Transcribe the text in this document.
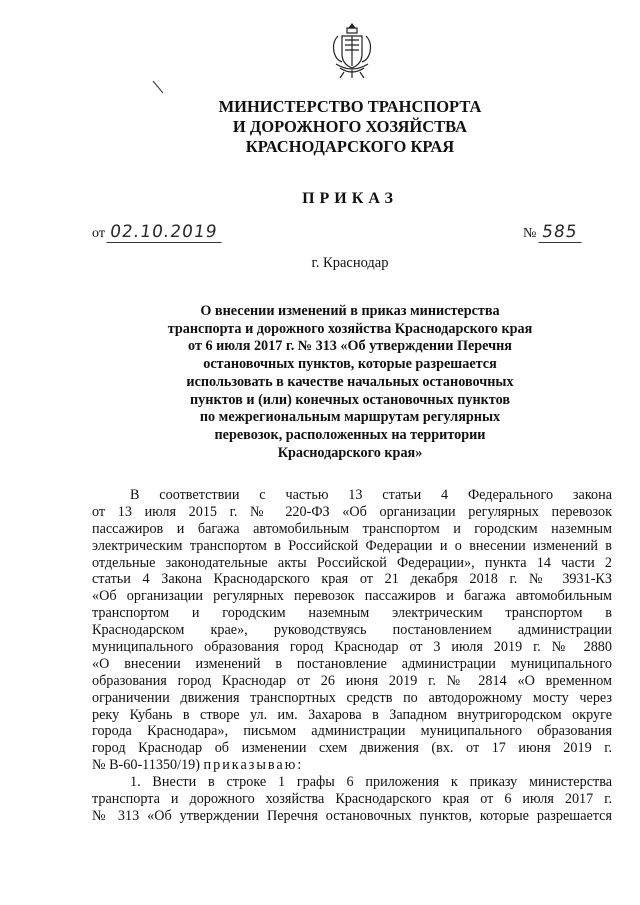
МИНИСТЕРСТВО ТРАНСПОРТА
И ДОРОЖНОГО ХОЗЯЙСТВА
КРАСНОДАРСКОГО КРАЯ
ПРИКАЗ
от 02.10.2019	№ 585
г. Краснодар
О внесении изменений в приказ министерства
транспорта и дорожного хозяйства Краснодарского края
от 6 июля 2017 г. № 313 «Об утверждении Перечня
остановочных пунктов, которые разрешается
использовать в качестве начальных остановочных
пунктов и (или) конечных остановочных пунктов
по межрегиональным маршрутам регулярных
перевозок, расположенных на территории
Краснодарского края»
В соответствии с частью 13 статьи 4 Федерального закона
от 13 июля 2015 г. № 220-ФЗ «Об организации регулярных перевозок
пассажиров и багажа автомобильным транспортом и городским наземным
электрическим транспортом в Российской Федерации и о внесении изменений в
отдельные законодательные акты Российской Федерации», пункта 14 части 2
статьи 4 Закона Краснодарского края от 21 декабря 2018 г. № 3931-КЗ
«Об организации регулярных перевозок пассажиров и багажа автомобильным
транспортом и городским наземным электрическим транспортом в
Краснодарском крае», руководствуясь постановлением администрации
муниципального образования город Краснодар от 3 июля 2019 г. № 2880
«О внесении изменений в постановление администрации муниципального
образования город Краснодар от 26 июня 2019 г. № 2814 «О временном
ограничении движения транспортных средств по автодорожному мосту через
реку Кубань в створе ул. им. Захарова в Западном внутригородском округе
города Краснодара», письмом администрации муниципального образования
город Краснодар об изменении схем движения (вх. от 17 июня 2019 г.
№ В-60-11350/19) приказываю:
1. Внести в строке 1 графы 6 приложения к приказу министерства
транспорта и дорожного хозяйства Краснодарского края от 6 июля 2017 г.
№ 313 «Об утверждении Перечня остановочных пунктов, которые разрешается
